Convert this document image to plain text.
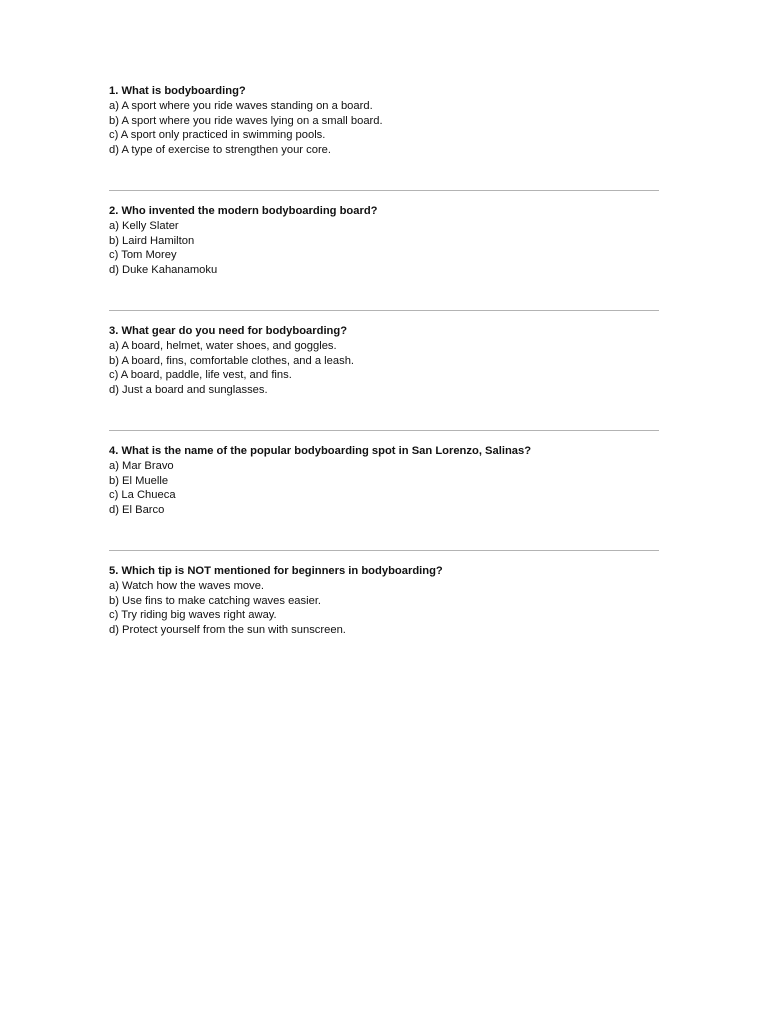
1. What is bodyboarding?

a) A sport where you ride waves standing on a board.

b) A sport where you ride waves lying on a small board.

c) A sport only practiced in swimming pools.

d) A type of exercise to strengthen your core.

2. Who invented the modern bodyboarding board?

a) Kelly Slater

b) Laird Hamilton

c) Tom Morey

d) Duke Kahanamoku

3. What gear do you need for bodyboarding?

a) A board, helmet, water shoes, and goggles.

b) A board, fins, comfortable clothes, and a leash.

c) A board, paddle, life vest, and fins.

d) Just a board and sunglasses.

4. What is the name of the popular bodyboarding spot in San Lorenzo, Salinas?

a) Mar Bravo

b) El Muelle

c) La Chueca

d) El Barco

5. Which tip is NOT mentioned for beginners in bodyboarding?

a) Watch how the waves move.

b) Use fins to make catching waves easier.

c) Try riding big waves right away.

d) Protect yourself from the sun with sunscreen.
